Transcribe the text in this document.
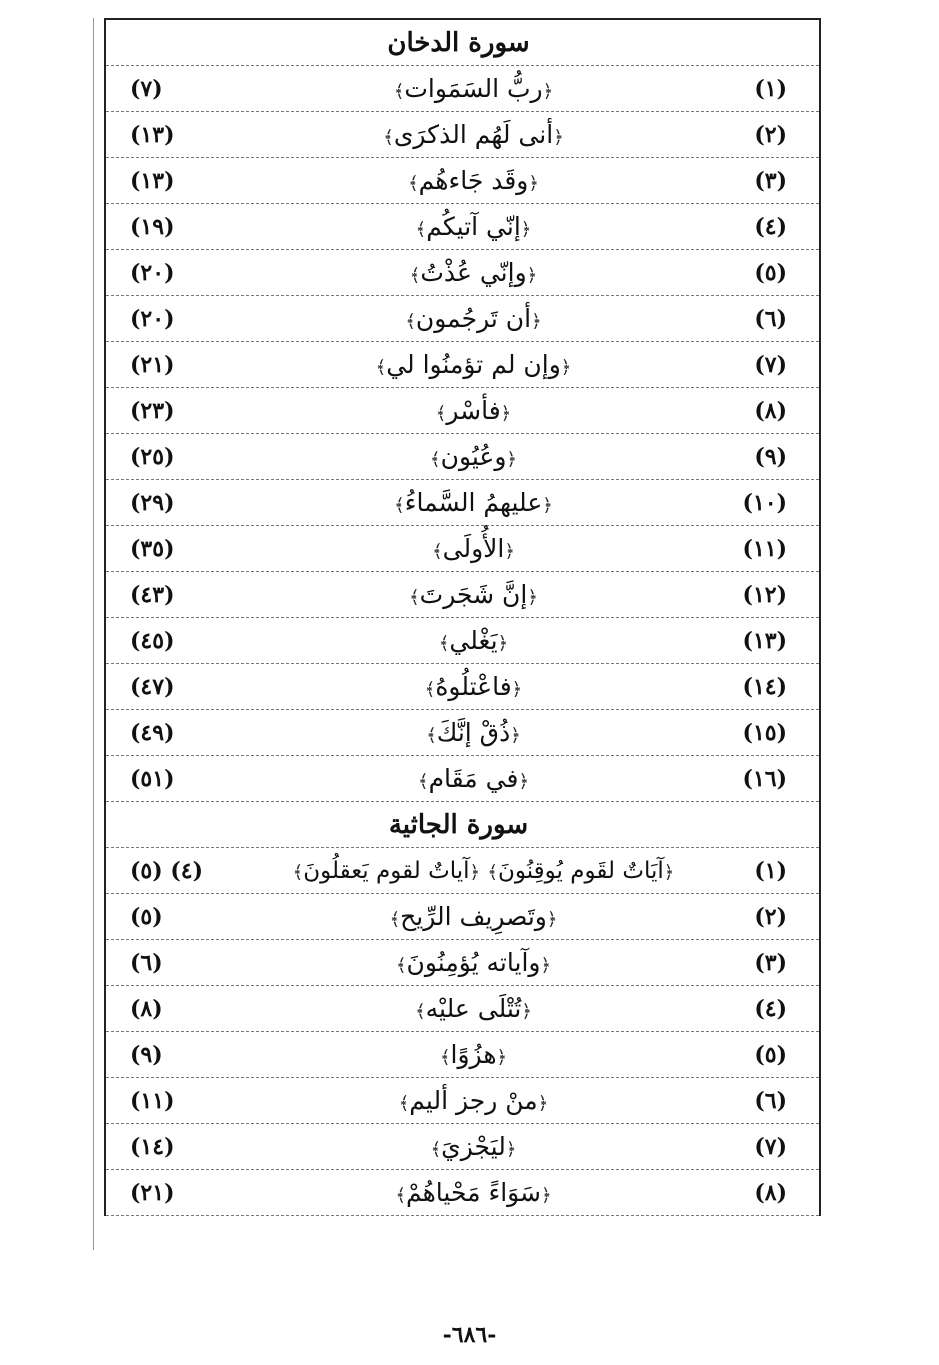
سورة الدخان
(١)
﴿ربُّ السَمَوات﴾
(٧)
(٢)
﴿أنى لَهُم الذكرَى﴾
(١٣)
(٣)
﴿وقَد جَاءهُم﴾
(١٣)
(٤)
﴿إنّي آتيكُم﴾
(١٩)
(٥)
﴿وإنّي عُذْتُ﴾
(٢٠)
(٦)
﴿أن تَرجُمون﴾
(٢٠)
(٧)
﴿وإن لم تؤمنُوا لي﴾
(٢١)
(٨)
﴿فأسْر﴾
(٢٣)
(٩)
﴿وعُيُون﴾
(٢٥)
(١٠)
﴿عليهمُ السَّماءُ﴾
(٢٩)
(١١)
﴿الأُولَى﴾
(٣٥)
(١٢)
﴿إنَّ شَجَرتَ﴾
(٤٣)
(١٣)
﴿يَغْلي﴾
(٤٥)
(١٤)
﴿فاعْتلُوهُ﴾
(٤٧)
(١٥)
﴿ذُقْ إنَّكَ﴾
(٤٩)
(١٦)
﴿في مَقَام﴾
(٥١)
سورة الجاثية
(١)
﴿آيَاتٌ لقَوم يُوقِنُونَ﴾ ﴿آياتٌ لقوم يَعقلُونَ﴾
(٤) (٥)
(٢)
﴿وتَصرِيف الرِّيح﴾
(٥)
(٣)
﴿وآياته يُؤمِنُونَ﴾
(٦)
(٤)
﴿تُتْلَى عليْه﴾
(٨)
(٥)
﴿هزُوًا﴾
(٩)
(٦)
﴿منْ رجز أليم﴾
(١١)
(٧)
﴿ليَجْزيَ﴾
(١٤)
(٨)
﴿سَوَاءً مَحْياهُمْ﴾
(٢١)
-٦٨٦-
